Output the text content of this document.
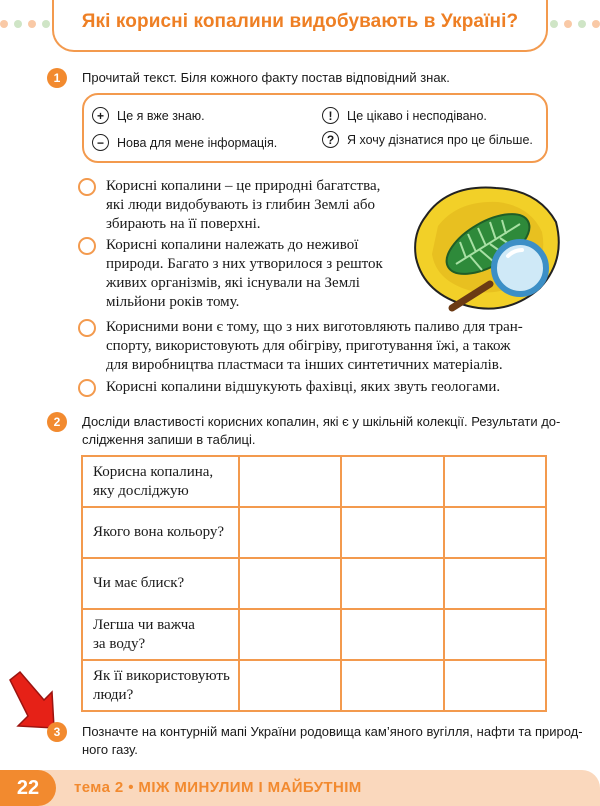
Які корисні копалини видобувають в Україні?
1	Прочитай текст. Біля кожного факту постав відповідний знак.
+	Це я вже знаю.
−	Нова для мене інформація.
!	Це цікаво і несподівано.
?	Я хочу дізнатися про це більше.
Корисні копалини – це природні багатства,
які люди видобувають із глибин Землі або
збирають на її поверхні.
Корисні копалини належать до неживої
природи. Багато з них утворилося з решток
живих організмів, які існували на Землі
мільйони років тому.
Корисними вони є тому, що з них виготовляють паливо для тран-
спорту, використовують для обігріву, приготування їжі, а також
для виробництва пластмаси та інших синтетичних матеріалів.
Корисні копалини відшукують фахівці, яких звуть геологами.
2	Досліди властивості корисних копалин, які є у шкільній колекції. Результати до-
слідження запиши в таблиці.
Корисна копалина,
яку досліджую			

Якого вона кольору?			

Чи має блиск?			

Легша чи важча
за воду?			

Як її використовують
люди?			

3	Позначте на контурній мапі України родовища кам’яного вугілля, нафти та природ-
ного газу.
22	тема 2 • МІЖ МИНУЛИМ І МАЙБУТНІМ
